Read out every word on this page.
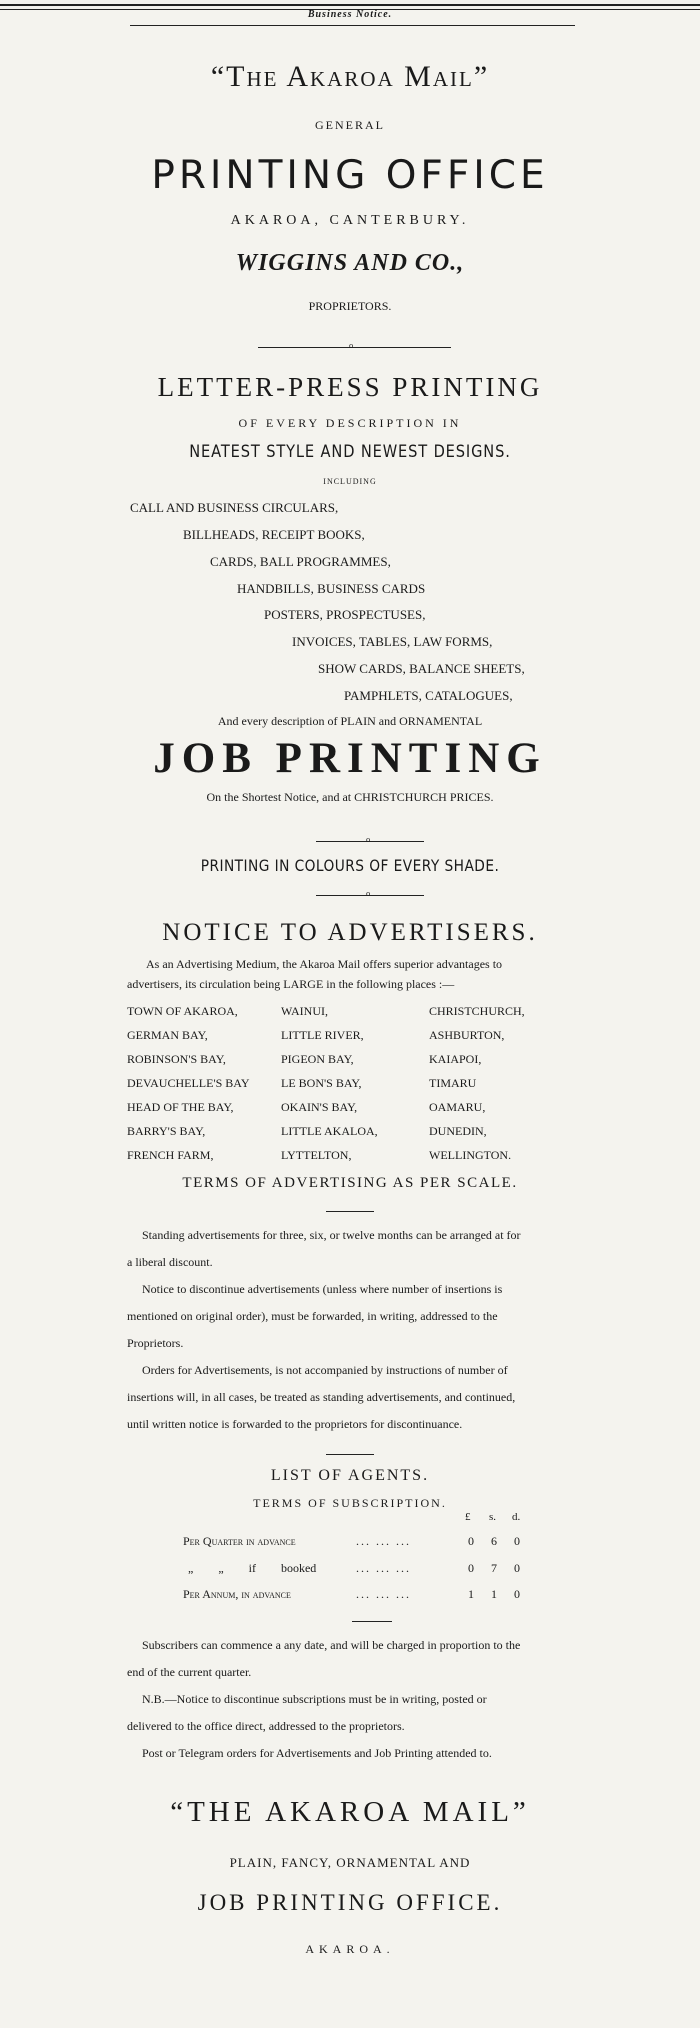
Business Notice.
“The Akaroa Mail”
GENERAL
PRINTING OFFICE
AKAROA, CANTERBURY.
WIGGINS AND CO.,
PROPRIETORS.
o
LETTER-PRESS PRINTING
OF EVERY DESCRIPTION IN
NEATEST STYLE AND NEWEST DESIGNS.
INCLUDING
CALL AND BUSINESS CIRCULARS,
BILLHEADS, RECEIPT BOOKS,
CARDS, BALL PROGRAMMES,
HANDBILLS, BUSINESS CARDS
POSTERS, PROSPECTUSES,
INVOICES, TABLES, LAW FORMS,
SHOW CARDS, BALANCE SHEETS,
PAMPHLETS, CATALOGUES,
And every description of PLAIN and ORNAMENTAL
JOB PRINTING
On the Shortest Notice, and at CHRISTCHURCH PRICES.
o
PRINTING IN COLOURS OF EVERY SHADE.
o
NOTICE TO ADVERTISERS.
As an Advertising Medium, the Akaroa Mail offers superior advantages to
advertisers, its circulation being LARGE in the following places :—
TOWN OF AKAROA,	WAINUI,	CHRISTCHURCH,
GERMAN BAY,	LITTLE RIVER,	ASHBURTON,
ROBINSON'S BAY,	PIGEON BAY,	KAIAPOI,
DEVAUCHELLE'S BAY	LE BON'S BAY,	TIMARU
HEAD OF THE BAY,	OKAIN'S BAY,	OAMARU,
BARRY'S BAY,	LITTLE AKALOA,	DUNEDIN,
FRENCH FARM,	LYTTELTON,	WELLINGTON.
TERMS OF ADVERTISING AS PER SCALE.
Standing advertisements for three, six, or twelve months can be arranged at for
a liberal discount.
Notice to discontinue advertisements (unless where number of insertions is
mentioned on original order), must be forwarded, in writing, addressed to the
Proprietors.
Orders for Advertisements, is not accompanied by instructions of number of
insertions will, in all cases, be treated as standing advertisements, and continued,
until written notice is forwarded to the proprietors for discontinuance.
LIST OF AGENTS.
TERMS OF SUBSCRIPTION.
£ s. d.
Per Quarter in advance	... ... ...	0 6 0
„ „ if booked	... ... ...	0 7 0
Per Annum, in advance	... ... ...	1 1 0
Subscribers can commence a any date, and will be charged in proportion to the
end of the current quarter.
N.B.—Notice to discontinue subscriptions must be in writing, posted or
delivered to the office direct, addressed to the proprietors.
Post or Telegram orders for Advertisements and Job Printing attended to.
“THE AKAROA MAIL”
PLAIN, FANCY, ORNAMENTAL AND
JOB PRINTING OFFICE.
AKAROA.
